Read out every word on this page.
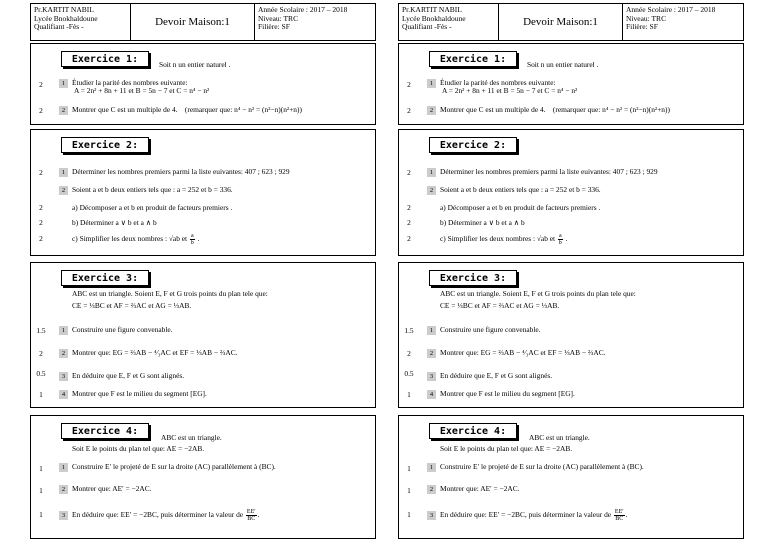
Pr.KARTIT NABIL
Lycée Bnokhaldoune
Qualifiant -Fès -	Devoir Maison:1
Année Scolaire : 2017 – 2018
Niveau: TRC
Filière: SF
Exercice 1:	Soit n un entier naturel .
2	1 Étudier la parité des nombres euivante:
A = 2n² + 8n + 11 et B = 5n − 7 et C = n⁴ − n²
2	2 Montrer que C est un multiple de 4. (remarquer que: n⁴ − n² = (n²−n)(n²+n))
Exercice 2:
2	1 Déterminer les nombres premiers parmi la liste euivantes: 407 ; 623 ; 929
2 Soient a et b deux entiers tels que : a = 252 et b = 336.
2	a) Décomposer a et b en produit de facteurs premiers .
2	b) Déterminer a ∨ b et a ∧ b
2	c) Simplifier les deux nombres : √ab et $\frac{a}{b}$ .
Exercice 3:
ABC est un triangle. Soient E, F et G trois points du plan tele que:
CE = ⅓BC et AF = ⅔AC et AG = ⅓AB.
1.5	1 Construire une figure convenable.
2	2 Montrer que: EG = ⅔AB − ⁴⁄₃AC et EF = ⅓AB − ⅔AC.
0.5	3 En déduire que E, F et G sont alignés.
1	4 Montrer que F est le milieu du segment [EG].
Exercice 4:
ABC est un triangle.
Soit E le points du plan tel que: AE = −2AB.
1	1 Construire E′ le projeté de E sur la droite (AC) parallèlement à (BC).
1	2 Montrer que: AE′ = −2AC.
1	3 En déduire que: EE′ = −2BC, puis déterminer la valeur de $\frac{EE'}{BC}$ .
Pr.KARTIT NABIL
Lycée Bnokhaldoune
Qualifiant -Fès -	Devoir Maison:1
Année Scolaire : 2017 – 2018
Niveau: TRC
Filière: SF
Exercice 1:	Soit n un entier naturel .
2	1 Étudier la parité des nombres euivante:
A = 2n² + 8n + 11 et B = 5n − 7 et C = n⁴ − n²
2	2 Montrer que C est un multiple de 4. (remarquer que: n⁴ − n² = (n²−n)(n²+n))
Exercice 2:
2	1 Déterminer les nombres premiers parmi la liste euivantes: 407 ; 623 ; 929
2 Soient a et b deux entiers tels que : a = 252 et b = 336.
2	a) Décomposer a et b en produit de facteurs premiers .
2	b) Déterminer a ∨ b et a ∧ b
2	c) Simplifier les deux nombres : √ab et $\frac{a}{b}$ .
Exercice 3:
ABC est un triangle. Soient E, F et G trois points du plan tele que:
CE = ⅓BC et AF = ⅔AC et AG = ⅓AB.
1.5	1 Construire une figure convenable.
2	2 Montrer que: EG = ⅔AB − ⁴⁄₃AC et EF = ⅓AB − ⅔AC.
0.5	3 En déduire que E, F et G sont alignés.
1	4 Montrer que F est le milieu du segment [EG].
Exercice 4:
ABC est un triangle.
Soit E le points du plan tel que: AE = −2AB.
1	1 Construire E′ le projeté de E sur la droite (AC) parallèlement à (BC).
1	2 Montrer que: AE′ = −2AC.
1	3 En déduire que: EE′ = −2BC, puis déterminer la valeur de $\frac{EE'}{BC}$ .
